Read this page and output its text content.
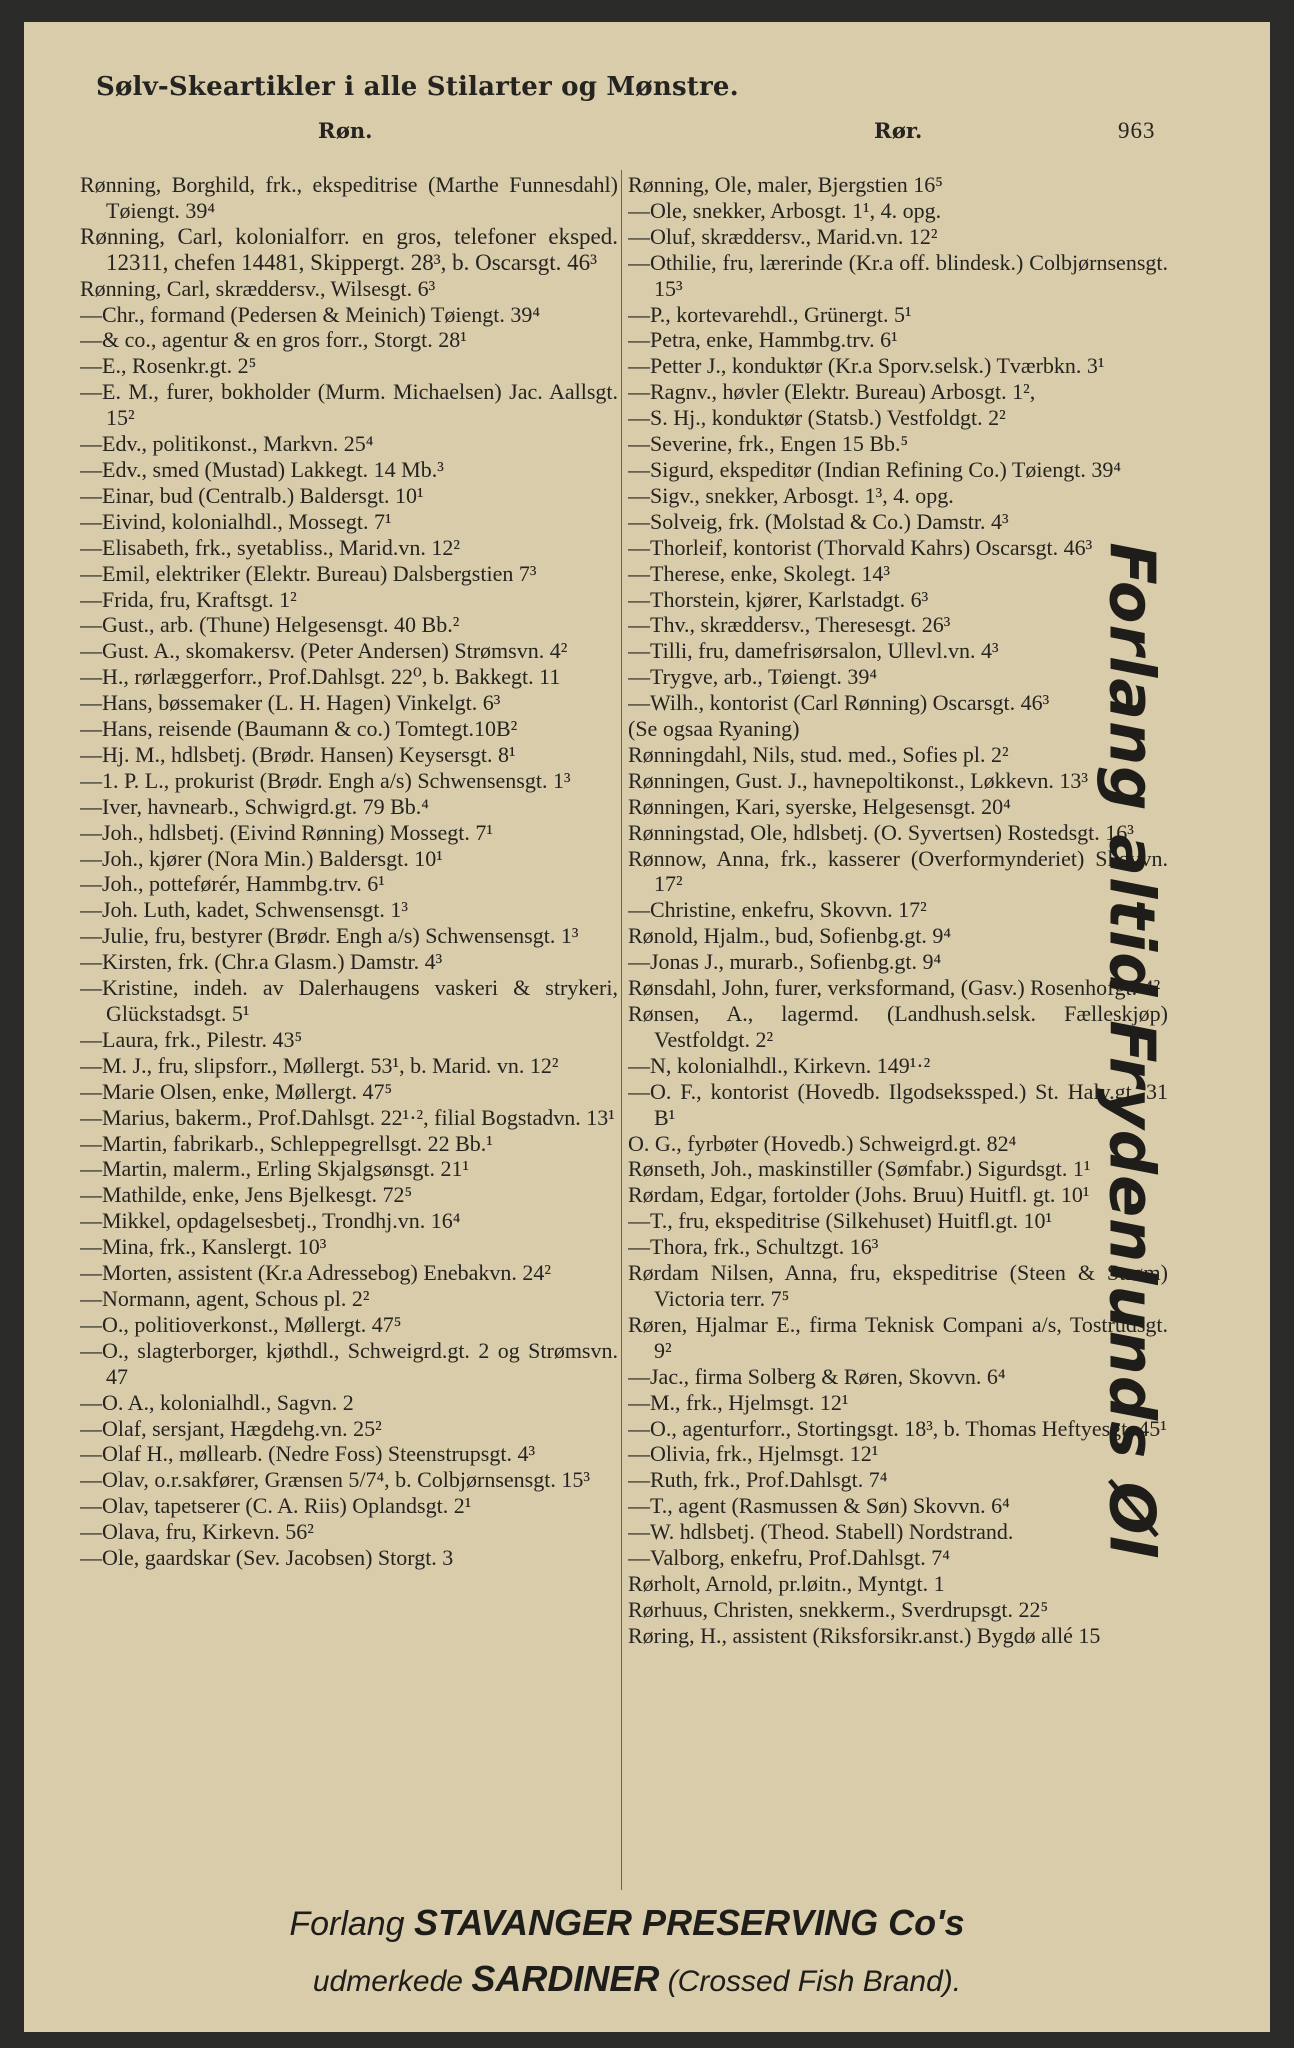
Sølv-Skeartikler i alle Stilarter og Mønstre.

Røn.	Rør.	963

Rønning, Borghild, frk., ekspeditrise (Marthe Funnesdahl) Tøiengt. 39⁴
Rønning, Carl, kolonialforr. en gros, telefoner eksped. 12311, chefen 14481, Skippergt. 28³, b. Oscarsgt. 46³
Rønning, Carl, skræddersv., Wilsesgt. 6³
—Chr., formand (Pedersen & Meinich) Tøiengt. 39⁴
—& co., agentur & en gros forr., Storgt. 28¹
—E., Rosenkr.gt. 2⁵
—E. M., furer, bokholder (Murm. Michaelsen) Jac. Aallsgt. 15²
—Edv., politikonst., Markvn. 25⁴
—Edv., smed (Mustad) Lakkegt. 14 Mb.³
—Einar, bud (Centralb.) Baldersgt. 10¹
—Eivind, kolonialhdl., Mossegt. 7¹
—Elisabeth, frk., syetabliss., Marid.vn. 12²
—Emil, elektriker (Elektr. Bureau) Dalsbergstien 7³
—Frida, fru, Kraftsgt. 1²
—Gust., arb. (Thune) Helgesensgt. 40 Bb.²
—Gust. A., skomakersv. (Peter Andersen) Strømsvn. 4²
—H., rørlæggerforr., Prof.Dahlsgt. 22⁰, b. Bakkegt. 11
—Hans, bøssemaker (L. H. Hagen) Vinkelgt. 6³
—Hans, reisende (Baumann & co.) Tomtegt.10B²
—Hj. M., hdlsbetj. (Brødr. Hansen) Keysersgt. 8¹
—1. P. L., prokurist (Brødr. Engh a/s) Schwensensgt. 1³
—Iver, havnearb., Schwigrd.gt. 79 Bb.⁴
—Joh., hdlsbetj. (Eivind Rønning) Mossegt. 7¹
—Joh., kjører (Nora Min.) Baldersgt. 10¹
—Joh., potteførér, Hammbg.trv. 6¹
—Joh. Luth, kadet, Schwensensgt. 1³
—Julie, fru, bestyrer (Brødr. Engh a/s) Schwensensgt. 1³
—Kirsten, frk. (Chr.a Glasm.) Damstr. 4³
—Kristine, indeh. av Dalerhaugens vaskeri & strykeri, Glückstadsgt. 5¹
—Laura, frk., Pilestr. 43⁵
—M. J., fru, slipsforr., Møllergt. 53¹, b. Marid. vn. 12²
—Marie Olsen, enke, Møllergt. 47⁵
—Marius, bakerm., Prof.Dahlsgt. 22¹·², filial Bogstadvn. 13¹
—Martin, fabrikarb., Schleppegrellsgt. 22 Bb.¹
—Martin, malerm., Erling Skjalgsønsgt. 21¹
—Mathilde, enke, Jens Bjelkesgt. 72⁵
—Mikkel, opdagelsesbetj., Trondhj.vn. 16⁴
—Mina, frk., Kanslergt. 10³
—Morten, assistent (Kr.a Adressebog) Enebakvn. 24²
—Normann, agent, Schous pl. 2²
—O., politioverkonst., Møllergt. 47⁵
—O., slagterborger, kjøthdl., Schweigrd.gt. 2 og Strømsvn. 47
—O. A., kolonialhdl., Sagvn. 2
—Olaf, sersjant, Hægdehg.vn. 25²
—Olaf H., møllearb. (Nedre Foss) Steenstrupsgt. 4³
—Olav, o.r.sakfører, Grænsen 5/7⁴, b. Colbjørnsensgt. 15³
—Olav, tapetserer (C. A. Riis) Oplandsgt. 2¹
—Olava, fru, Kirkevn. 56²
—Ole, gaardskar (Sev. Jacobsen) Storgt. 3
Rønning, Ole, maler, Bjergstien 16⁵
—Ole, snekker, Arbosgt. 1¹, 4. opg.
—Oluf, skræddersv., Marid.vn. 12²
—Othilie, fru, lærerinde (Kr.a off. blindesk.) Colbjørnsensgt. 15³
—P., kortevarehdl., Grünergt. 5¹
—Petra, enke, Hammbg.trv. 6¹
—Petter J., konduktør (Kr.a Sporv.selsk.) Tværbkn. 3¹
—Ragnv., høvler (Elektr. Bureau) Arbosgt. 1²,
—S. Hj., konduktør (Statsb.) Vestfoldgt. 2²
—Severine, frk., Engen 15 Bb.⁵
—Sigurd, ekspeditør (Indian Refining Co.) Tøiengt. 39⁴
—Sigv., snekker, Arbosgt. 1³, 4. opg.
—Solveig, frk. (Molstad & Co.) Damstr. 4³
—Thorleif, kontorist (Thorvald Kahrs) Oscarsgt. 46³
—Therese, enke, Skolegt. 14³
—Thorstein, kjører, Karlstadgt. 6³
—Thv., skræddersv., Theresesgt. 26³
—Tilli, fru, damefrisørsalon, Ullevl.vn. 4³
—Trygve, arb., Tøiengt. 39⁴
—Wilh., kontorist (Carl Rønning) Oscarsgt. 46³
(Se ogsaa Ryaning)
Rønningdahl, Nils, stud. med., Sofies pl. 2²
Rønningen, Gust. J., havnepoltikonst., Løkkevn. 13³
Rønningen, Kari, syerske, Helgesensgt. 20⁴
Rønningstad, Ole, hdlsbetj. (O. Syvertsen) Rostedsgt. 16³
Rønnow, Anna, frk., kasserer (Overformynderiet) Skovvn. 17²
—Christine, enkefru, Skovvn. 17²
Rønold, Hjalm., bud, Sofienbg.gt. 9⁴
—Jonas J., murarb., Sofienbg.gt. 9⁴
Rønsdahl, John, furer, verksformand, (Gasv.) Rosenhofgt. 4²
Rønsen, A., lagermd. (Landhush.selsk. Fælleskjøp) Vestfoldgt. 2²
—N, kolonialhdl., Kirkevn. 149¹·²
—O. F., kontorist (Hovedb. Ilgodsekssped.) St. Halv.gt. 31 B¹
O. G., fyrbøter (Hovedb.) Schweigrd.gt. 82⁴
Rønseth, Joh., maskinstiller (Sømfabr.) Sigurdsgt. 1¹
Rørdam, Edgar, fortolder (Johs. Bruu) Huitfl. gt. 10¹
—T., fru, ekspeditrise (Silkehuset) Huitfl.gt. 10¹
—Thora, frk., Schultzgt. 16³
Rørdam Nilsen, Anna, fru, ekspeditrise (Steen & Strøm) Victoria terr. 7⁵
Røren, Hjalmar E., firma Teknisk Compani a/s, Tostrudsgt. 9²
—Jac., firma Solberg & Røren, Skovvn. 6⁴
—M., frk., Hjelmsgt. 12¹
—O., agenturforr., Stortingsgt. 18³, b. Thomas Heftyesgt. 45¹
—Olivia, frk., Hjelmsgt. 12¹
—Ruth, frk., Prof.Dahlsgt. 7⁴
—T., agent (Rasmussen & Søn) Skovvn. 6⁴
—W. hdlsbetj. (Theod. Stabell) Nordstrand.
—Valborg, enkefru, Prof.Dahlsgt. 7⁴
Rørholt, Arnold, pr.løitn., Myntgt. 1
Rørhuus, Christen, snekkerm., Sverdrupsgt. 22⁵
Røring, H., assistent (Riksforsikr.anst.) Bygdø allé 15
Forlang altid Frydenlunds Øl

Forlang STAVANGER PRESERVING Co's

udmerkede SARDINER (Crossed Fish Brand).
